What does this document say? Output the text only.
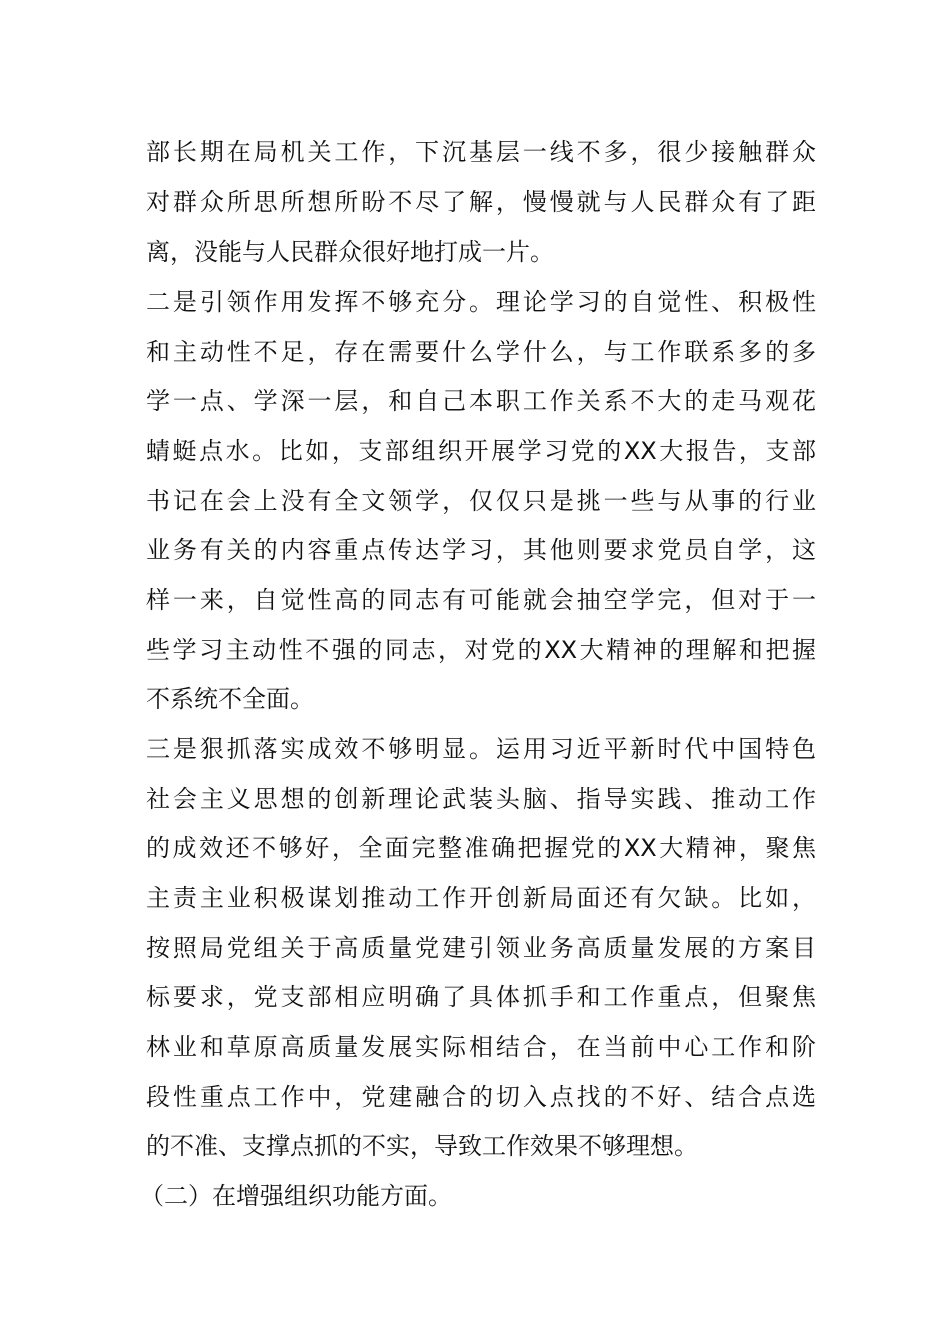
部长期在局机关工作，下沉基层一线不多，很少接触群众
对群众所思所想所盼不尽了解，慢慢就与人民群众有了距
离，没能与人民群众很好地打成一片。
二是引领作用发挥不够充分。理论学习的自觉性、积极性
和主动性不足，存在需要什么学什么，与工作联系多的多
学一点、学深一层，和自己本职工作关系不大的走马观花
蜻蜓点水。比如，支部组织开展学习党的XX大报告，支部
书记在会上没有全文领学，仅仅只是挑一些与从事的行业
业务有关的内容重点传达学习，其他则要求党员自学，这
样一来，自觉性高的同志有可能就会抽空学完，但对于一
些学习主动性不强的同志，对党的XX大精神的理解和把握
不系统不全面。
三是狠抓落实成效不够明显。运用习近平新时代中国特色
社会主义思想的创新理论武装头脑、指导实践、推动工作
的成效还不够好，全面完整准确把握党的XX大精神，聚焦
主责主业积极谋划推动工作开创新局面还有欠缺。比如，
按照局党组关于高质量党建引领业务高质量发展的方案目
标要求，党支部相应明确了具体抓手和工作重点，但聚焦
林业和草原高质量发展实际相结合，在当前中心工作和阶
段性重点工作中，党建融合的切入点找的不好、结合点选
的不准、支撑点抓的不实，导致工作效果不够理想。
（二）在增强组织功能方面。
